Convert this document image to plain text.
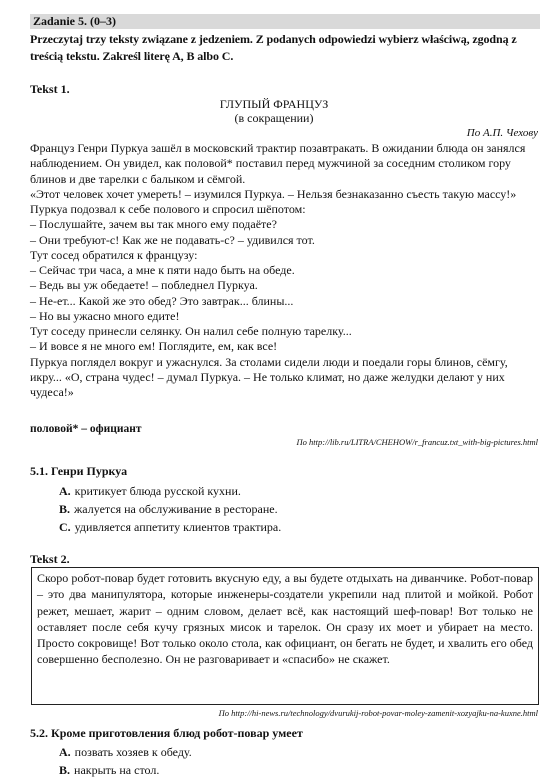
Zadanie 5. (0–3)
Przeczytaj trzy teksty związane z jedzeniem. Z podanych odpowiedzi wybierz właściwą, zgodną z treścią tekstu. Zakreśl literę A, B albo C.
Tekst 1.
ГЛУПЫЙ ФРАНЦУЗ
(в сокращении)
По А.П. Чехову

Француз Генри Пуркуа зашёл в московский трактир позавтракать. В ожидании блюда он занялся наблюдением. Он увидел, как половой* поставил перед мужчиной за соседним столиком гору блинов и две тарелки с балыком и сёмгой.

«Этот человек хочет умереть! – изумился Пуркуа. – Нельзя безнаказанно съесть такую массу!»

Пуркуа подозвал к себе полового и спросил шёпотом:

– Послушайте, зачем вы так много ему подаёте?

– Они требуют-с! Как же не подавать-с? – удивился тот.

Тут сосед обратился к французу:

– Сейчас три часа, а мне к пяти надо быть на обеде.

– Ведь вы уж обедаете! – побледнел Пуркуа.

– Не-ет... Какой же это обед? Это завтрак... блины...

– Но вы ужасно много едите!

Тут соседу принесли селянку. Он налил себе полную тарелку...

– И вовсе я не много ем! Поглядите, ем, как все!

Пуркуа поглядел вокруг и ужаснулся. За столами сидели люди и поедали горы блинов, сёмгу, икру... «О, страна чудес! – думал Пуркуа. – Не только климат, но даже желудки делают у них чудеса!»

половой* – официант
По http://lib.ru/LITRA/CHEHOW/r_francuz.txt_with-big-pictures.html
5.1. Генри Пуркуа
A. критикует блюда русской кухни.
B. жалуется на обслуживание в ресторане.
C. удивляется аппетиту клиентов трактира.
Tekst 2.

Скоро робот-повар будет готовить вкусную еду, а вы будете отдыхать на диванчике. Робот-повар – это два манипулятора, которые инженеры-создатели укрепили над плитой и мойкой. Робот режет, мешает, жарит – одним словом, делает всё, как настоящий шеф-повар! Вот только не оставляет после себя кучу грязных мисок и тарелок. Он сразу их моет и убирает на место. Просто сокровище! Вот только около стола, как официант, он бегать не будет, и хвалить его обед совершенно бесполезно. Он не разговаривает и «спасибо» не скажет.

По http://hi-news.ru/technology/dvurukij-robot-povar-moley-zamenit-xozyajku-na-kuxne.html
5.2. Кроме приготовления блюд робот-повар умеет
A. позвать хозяев к обеду.
B. накрыть на стол.
